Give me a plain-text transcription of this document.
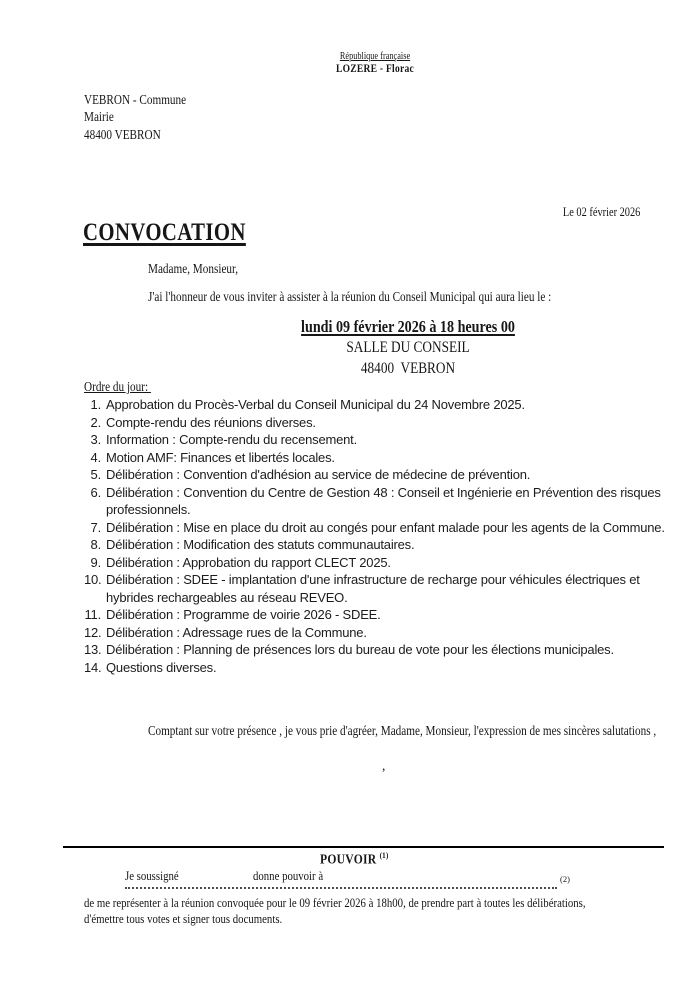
République française
LOZERE - Florac
VEBRON - Commune
Mairie
48400 VEBRON
Le 02 février 2026
CONVOCATION
Madame, Monsieur,
J'ai l'honneur de vous inviter à assister à la réunion du Conseil Municipal qui aura lieu le :
lundi 09 février 2026 à 18 heures 00
SALLE DU CONSEIL
48400  VEBRON
Ordre du jour:
1. Approbation du Procès-Verbal du Conseil Municipal du 24 Novembre 2025.
2. Compte-rendu des réunions diverses.
3. Information : Compte-rendu du recensement.
4. Motion AMF: Finances et libertés locales.
5. Délibération : Convention d'adhésion au service de médecine de prévention.
6. Délibération : Convention du Centre de Gestion 48 : Conseil et Ingénierie en Prévention des risques professionnels.
7. Délibération : Mise en place du droit au congés pour enfant malade pour les agents de la Commune.
8. Délibération : Modification des statuts communautaires.
9. Délibération : Approbation du rapport CLECT 2025.
10. Délibération : SDEE - implantation d'une infrastructure de recharge pour véhicules électriques et hybrides rechargeables au réseau REVEO.
11. Délibération : Programme de voirie 2026 - SDEE.
12. Délibération : Adressage rues de la Commune.
13. Délibération : Planning de présences lors du bureau de vote pour les élections municipales.
14. Questions diverses.
Comptant sur votre présence , je vous prie d'agréer, Madame, Monsieur, l'expression de mes sincères salutations ,
,
POUVOIR $^{(1)}$
Je soussigné	donne pouvoir à	(2)
de me représenter à la réunion convoquée pour le 09 février 2026 à 18h00, de prendre part à toutes les délibérations,
d'émettre tous votes et signer tous documents.
